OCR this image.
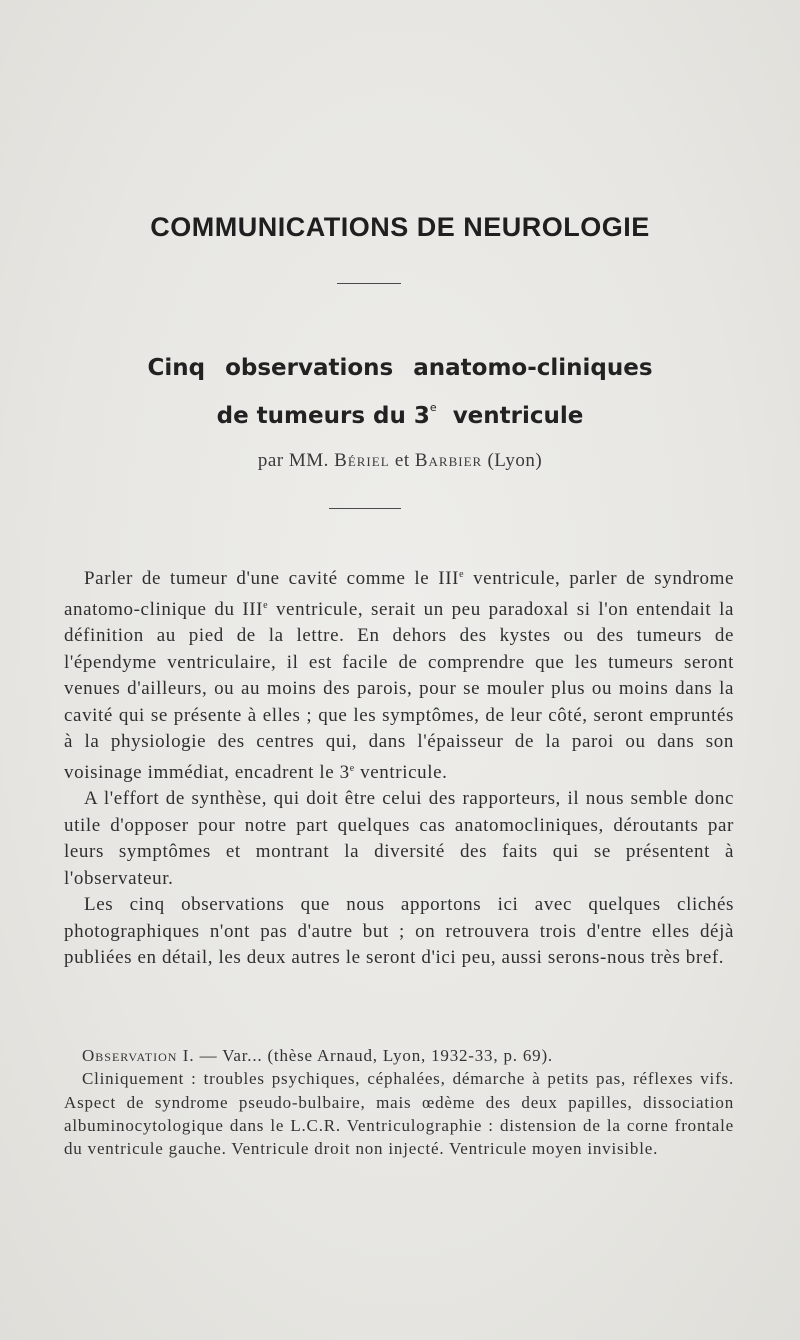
COMMUNICATIONS DE NEUROLOGIE
Cinq observations anatomo-cliniques
de tumeurs du 3e ventricule
par MM. Bériel et Barbier (Lyon)

Parler de tumeur d'une cavité comme le IIIe ventricule, parler de syndrome anatomo-clinique du IIIe ventricule, serait un peu paradoxal si l'on entendait la définition au pied de la lettre. En dehors des kystes ou des tumeurs de l'épendyme ventriculaire, il est facile de comprendre que les tumeurs seront venues d'ailleurs, ou au moins des parois, pour se mouler plus ou moins dans la cavité qui se présente à elles ; que les symptômes, de leur côté, seront empruntés à la physiologie des centres qui, dans l'épaisseur de la paroi ou dans son voisinage immédiat, encadrent le 3e ventricule.

A l'effort de synthèse, qui doit être celui des rapporteurs, il nous semble donc utile d'opposer pour notre part quelques cas anatomocliniques, déroutants par leurs symptômes et montrant la diversité des faits qui se présentent à l'observateur.

Les cinq observations que nous apportons ici avec quelques clichés photographiques n'ont pas d'autre but ; on retrouvera trois d'entre elles déjà publiées en détail, les deux autres le seront d'ici peu, aussi serons-nous très bref.

Observation I. — Var... (thèse Arnaud, Lyon, 1932-33, p. 69).

Cliniquement : troubles psychiques, céphalées, démarche à petits pas, réflexes vifs. Aspect de syndrome pseudo-bulbaire, mais œdème des deux papilles, dissociation albuminocytologique dans le L.C.R. Ventriculographie : distension de la corne frontale du ventricule gauche. Ventricule droit non injecté. Ventricule moyen invisible.
